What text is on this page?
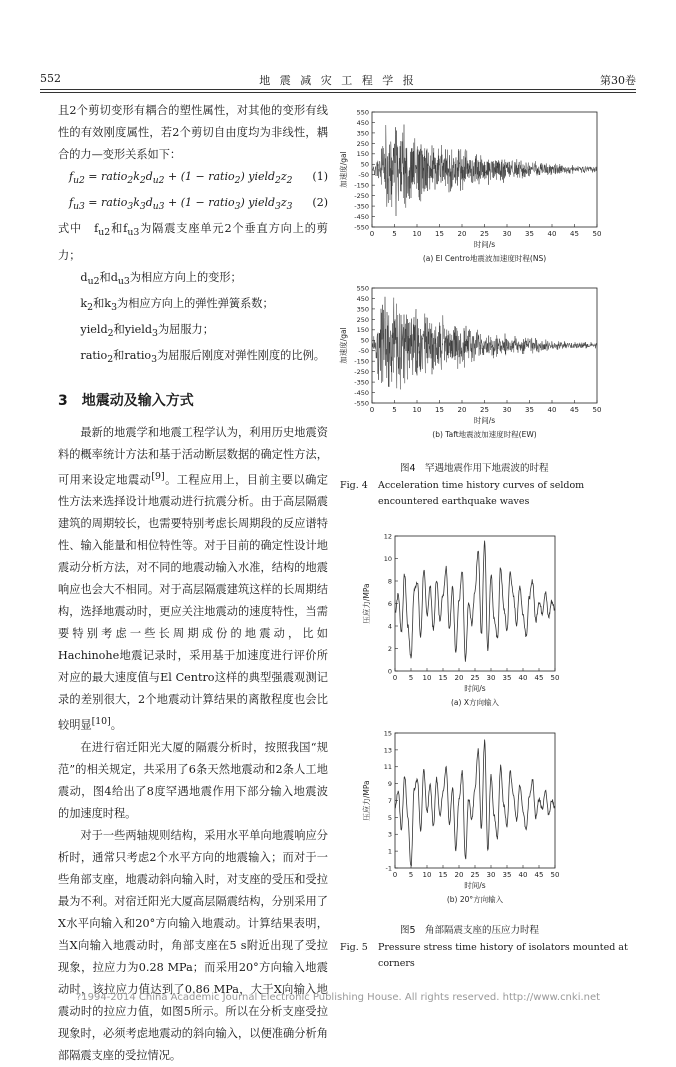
552	地 震 减 灾 工 程 学 报	第30卷

且2个剪切变形有耦合的塑性属性，对其他的变形有线性的有效刚度属性，若2个剪切自由度均为非线性，耦合的力—变形关系如下：

$f_{u2}$ = $ratio_2k_2d_{u2} + (1$ − ratio$_2$) $yield_2z_2$ (1)
$f_{u3}$ = $ratio_3k_3d_{u3} + (1$ − ratio$_3$) $yield_3z_3$ (2)

式中　$f_{u2}$和$f_{u3}$为隔震支座单元2个垂直方向上的剪力；

$d_{u2}$和$d_{u3}$为相应方向上的变形；

$k_2$和$k_3$为相应方向上的弹性弹簧系数；

yield$_2$和yield$_3$为屈服力；

ratio$_2$和ratio$_3$为屈服后刚度对弹性刚度的比例。

3　地震动及输入方式

最新的地震学和地震工程学认为，利用历史地震资料的概率统计方法和基于活动断层数据的确定性方法，可用来设定地震动[9]。工程应用上，目前主要以确定性方法来选择设计地震动进行抗震分析。由于高层隔震建筑的周期较长，也需要特别考虑长周期段的反应谱特性、输入能量和相位特性等。对于目前的确定性设计地震动分析方法，对不同的地震动输入水准，结构的地震响应也会大不相同。对于高层隔震建筑这样的长周期结构，选择地震动时，更应关注地震动的速度特性，当需要特别考虑一些长周期成份的地震动，比如Hachinohe地震记录时，采用基于加速度进行评价所对应的最大速度值与El Centro这样的典型强震观测记录的差别很大，2个地震动计算结果的离散程度也会比较明显[10]。

在进行宿迁阳光大厦的隔震分析时，按照我国“规范”的相关规定，共采用了6条天然地震动和2条人工地震动，图4给出了8度罕遇地震作用下部分输入地震波的加速度时程。

对于一些两轴规则结构，采用水平单向地震响应分析时，通常只考虑2个水平方向的地震输入；而对于一些角部支座，地震动斜向输入时，对支座的受压和受拉最为不利。对宿迁阳光大厦高层隔震结构，分别采用了X水平向输入和20°方向输入地震动。计算结果表明，当X向输入地震动时，角部支座在5 s附近出现了受拉现象，拉应力为0.28 MPa；而采用20°方向输入地震动时，该拉应力值达到了0.86 MPa，大于X向输入地震动时的拉应力值，如图5所示。所以在分析支座受拉现象时，必须考虑地震动的斜向输入，以便准确分析角部隔震支座的受拉情况。

0	5 10 15 20 25 30 35 40 45 50
550
450
350
250
150
50
-50
-150
-250
-350
-450
-550
时间/s
加速度/gal
(a) El Centro地震波加速度时程(NS)

0	5 10 15 20 25 30 35 40 45 50
550
450
350
250
150
50
-50
-150
-250
-350
-450
-550
时间/s
加速度/gal
(b) Taft地震波加速度时程(EW)
图4　罕遇地震作用下地震波的时程
Fig. 4	Acceleration time history curves of seldom encountered earthquake waves
0 5 10 15 20 25 30 35 40 45 50
12
10
8
6
4
2
0
时间/s
压应力/MPa
(a) X方向输入

0 5 10 15 20 25 30 35 40 45 50
15
13
11
9
7
5
3
1
-1
时间/s
压应力/MPa
(b) 20°方向输入
图5　角部隔震支座的压应力时程
Fig. 5	Pressure stress time history of isolators mounted at corners
?1994-2014 China Academic Journal Electronic Publishing House. All rights reserved. http://www.cnki.net
